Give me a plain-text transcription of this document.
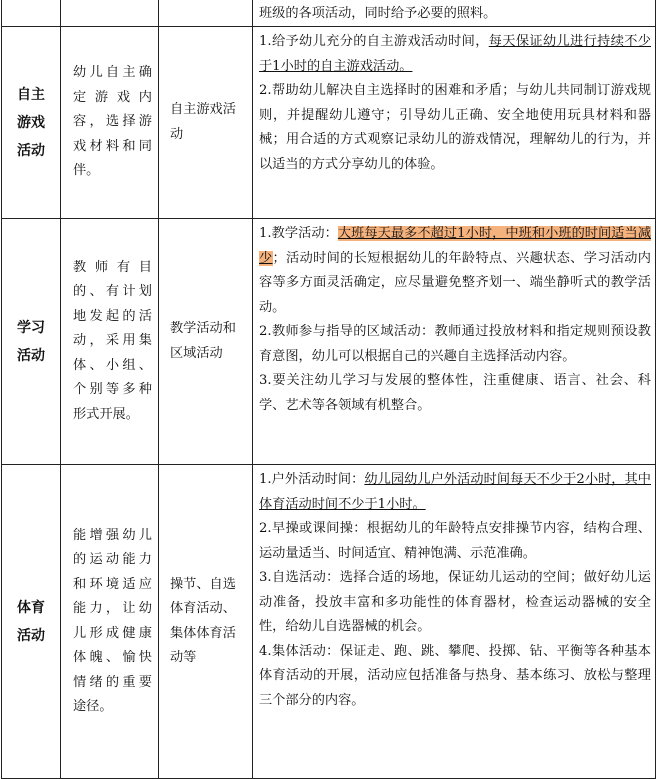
			班级的各项活动，同时给予必要的照料。

自主游戏活动	幼儿自主确定游戏内容，选择游戏材料和同伴。	自主游戏活动	1.给予幼儿充分的自主游戏活动时间，每天保证幼儿进行持续不少于1小时的自主游戏活动。

2.帮助幼儿解决自主选择时的困难和矛盾；与幼儿共同制订游戏规则，并提醒幼儿遵守；引导幼儿正确、安全地使用玩具材料和器械；用合适的方式观察记录幼儿的游戏情况，理解幼儿的行为，并以适当的方式分享幼儿的体验。

学习活动	教师有目的、有计划地发起的活动，采用集体、小组、个别等多种形式开展。	教学活动和区域活动	1.教学活动：大班每天最多不超过1小时，中班和小班的时间适当减少；活动时间的长短根据幼儿的年龄特点、兴趣状态、学习活动内容等多方面灵活确定，应尽量避免整齐划一、端坐静听式的教学活动。

2.教师参与指导的区域活动：教师通过投放材料和指定规则预设教育意图，幼儿可以根据自己的兴趣自主选择活动内容。

3.要关注幼儿学习与发展的整体性，注重健康、语言、社会、科学、艺术等各领域有机整合。

体育活动	能增强幼儿的运动能力和环境适应能力，让幼儿形成健康体魄、愉快情绪的重要途径。	操节、自选体育活动、集体体育活动等	1.户外活动时间：幼儿园幼儿户外活动时间每天不少于2小时，其中体育活动时间不少于1小时。

2.早操或课间操：根据幼儿的年龄特点安排操节内容，结构合理、运动量适当、时间适宜、精神饱满、示范准确。

3.自选活动：选择合适的场地，保证幼儿运动的空间；做好幼儿运动准备，投放丰富和多功能性的体育器材，检查运动器械的安全性，给幼儿自选器械的机会。

4.集体活动：保证走、跑、跳、攀爬、投掷、钻、平衡等各种基本体育活动的开展，活动应包括准备与热身、基本练习、放松与整理三个部分的内容。
